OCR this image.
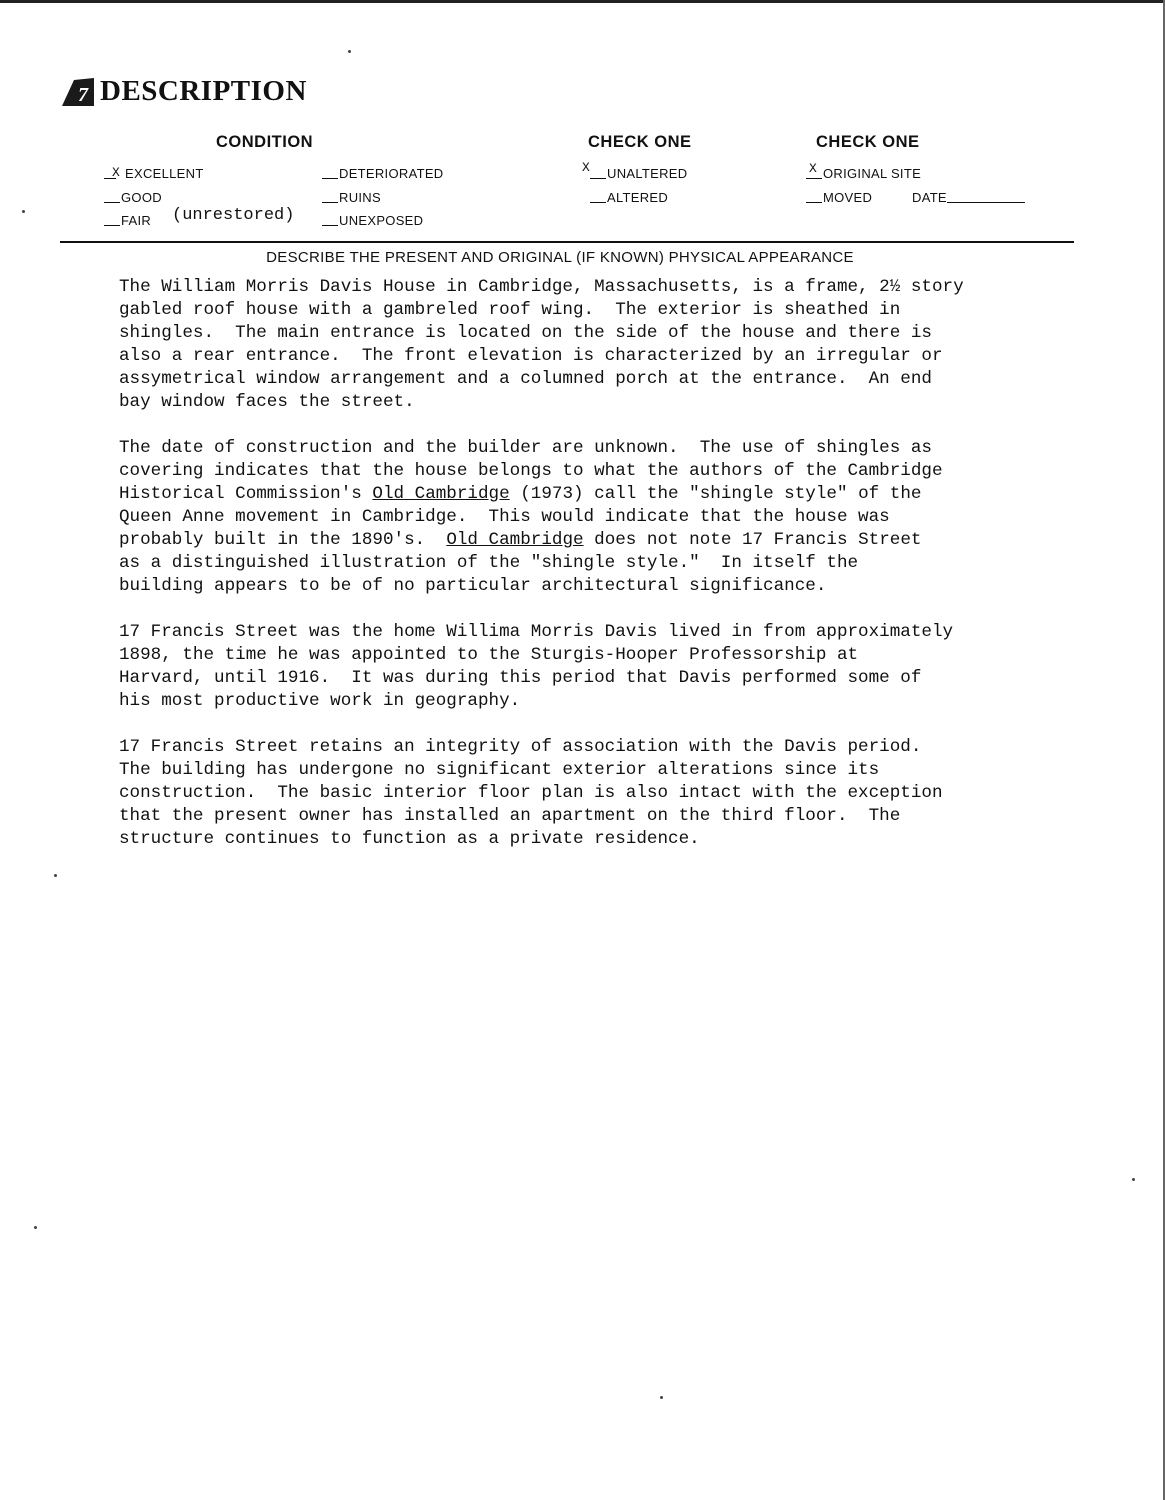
7 DESCRIPTION
CONDITION
X EXCELLENT
GOOD
FAIR (unrestored)
DETERIORATED
RUINS
UNEXPOSED
CHECK ONE
X	UNALTERED
ALTERED
CHECK ONE
X ORIGINAL SITE
MOVED	DATE
DESCRIBE THE PRESENT AND ORIGINAL (IF KNOWN) PHYSICAL APPEARANCE
The William Morris Davis House in Cambridge, Massachusetts, is a frame, 2½ story
gabled roof house with a gambreled roof wing.  The exterior is sheathed in
shingles.  The main entrance is located on the side of the house and there is
also a rear entrance.  The front elevation is characterized by an irregular or
assymetrical window arrangement and a columned porch at the entrance.  An end
bay window faces the street.
The date of construction and the builder are unknown.  The use of shingles as
covering indicates that the house belongs to what the authors of the Cambridge
Historical Commission's Old Cambridge (1973) call the "shingle style" of the
Queen Anne movement in Cambridge.  This would indicate that the house was
probably built in the 1890's.  Old Cambridge does not note 17 Francis Street
as a distinguished illustration of the "shingle style."  In itself the
building appears to be of no particular architectural significance.
17 Francis Street was the home Willima Morris Davis lived in from approximately
1898, the time he was appointed to the Sturgis-Hooper Professorship at
Harvard, until 1916.  It was during this period that Davis performed some of
his most productive work in geography.
17 Francis Street retains an integrity of association with the Davis period.
The building has undergone no significant exterior alterations since its
construction.  The basic interior floor plan is also intact with the exception
that the present owner has installed an apartment on the third floor.  The
structure continues to function as a private residence.
